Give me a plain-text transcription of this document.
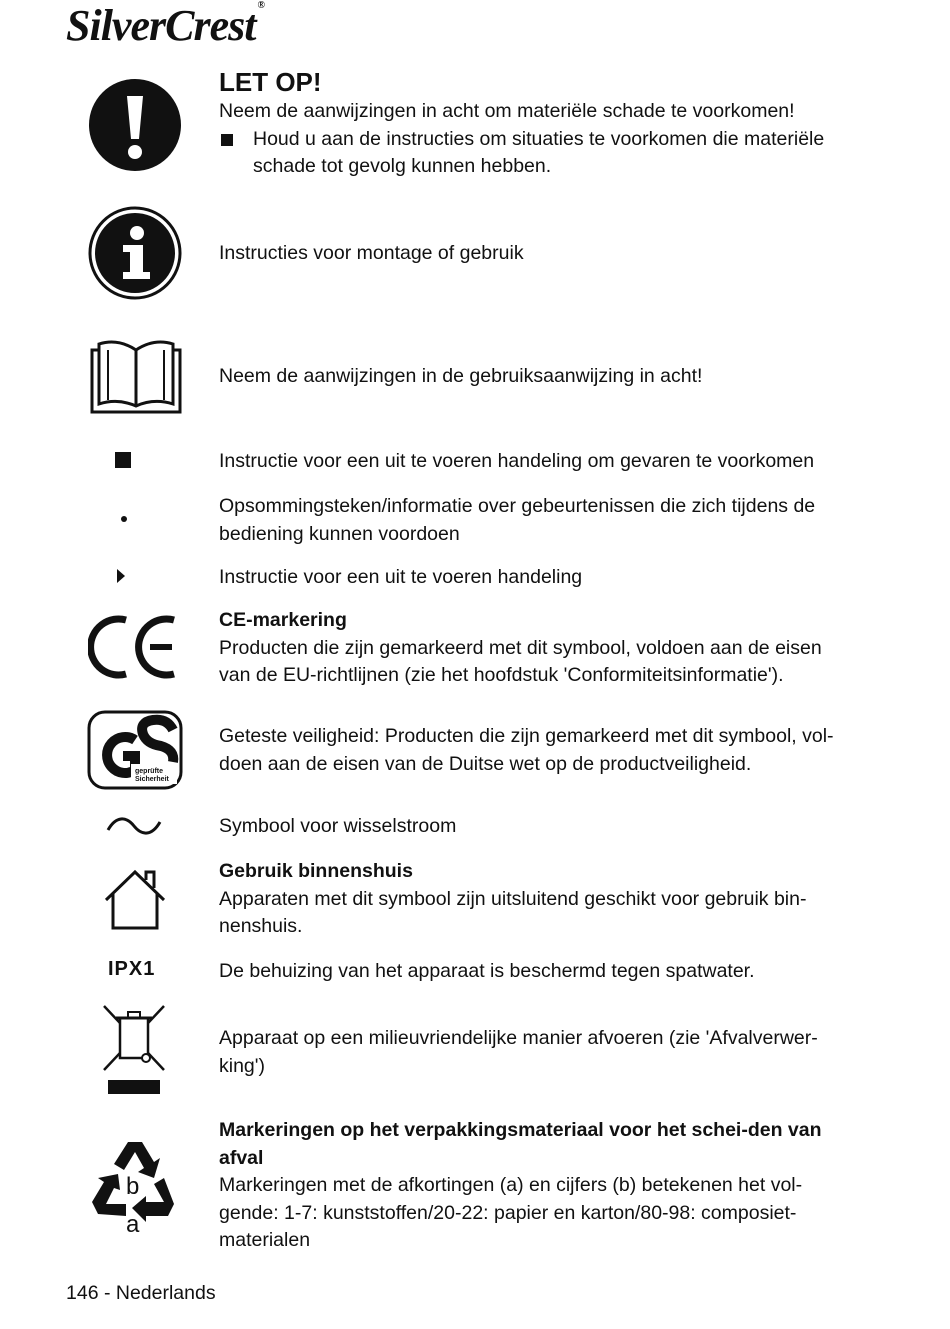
SilverCrest ®
LET OP!
Neem de aanwijzingen in acht om materiële schade te voorkomen!
Houd u aan de instructies om situaties te voorkomen die materiële schade tot gevolg kunnen hebben.
Instructies voor montage of gebruik
Neem de aanwijzingen in de gebruiksaanwijzing in acht!
Instructie voor een uit te voeren handeling om gevaren te voorkomen
Opsommingsteken/informatie over gebeurtenissen die zich tijdens de bediening kunnen voordoen
Instructie voor een uit te voeren handeling
CE-markering
Producten die zijn gemarkeerd met dit symbool, voldoen aan de eisen van de EU-richtlijnen (zie het hoofdstuk 'Conformiteitsinformatie').
geprüfte
Sicherheit
Geteste veiligheid: Producten die zijn gemarkeerd met dit symbool, vol-doen aan de eisen van de Duitse wet op de productveiligheid.
Symbool voor wisselstroom
Gebruik binnenshuis
Apparaten met dit symbool zijn uitsluitend geschikt voor gebruik bin-nenshuis.
IPX1	De behuizing van het apparaat is beschermd tegen spatwater.
Apparaat op een milieuvriendelijke manier afvoeren (zie 'Afvalverwer-king')
b
a
Markeringen op het verpakkingsmateriaal voor het schei-den van afval
Markeringen met de afkortingen (a) en cijfers (b) betekenen het vol-gende: 1-7: kunststoffen/20-22: papier en karton/80-98: composiet-materialen
146 - Nederlands
